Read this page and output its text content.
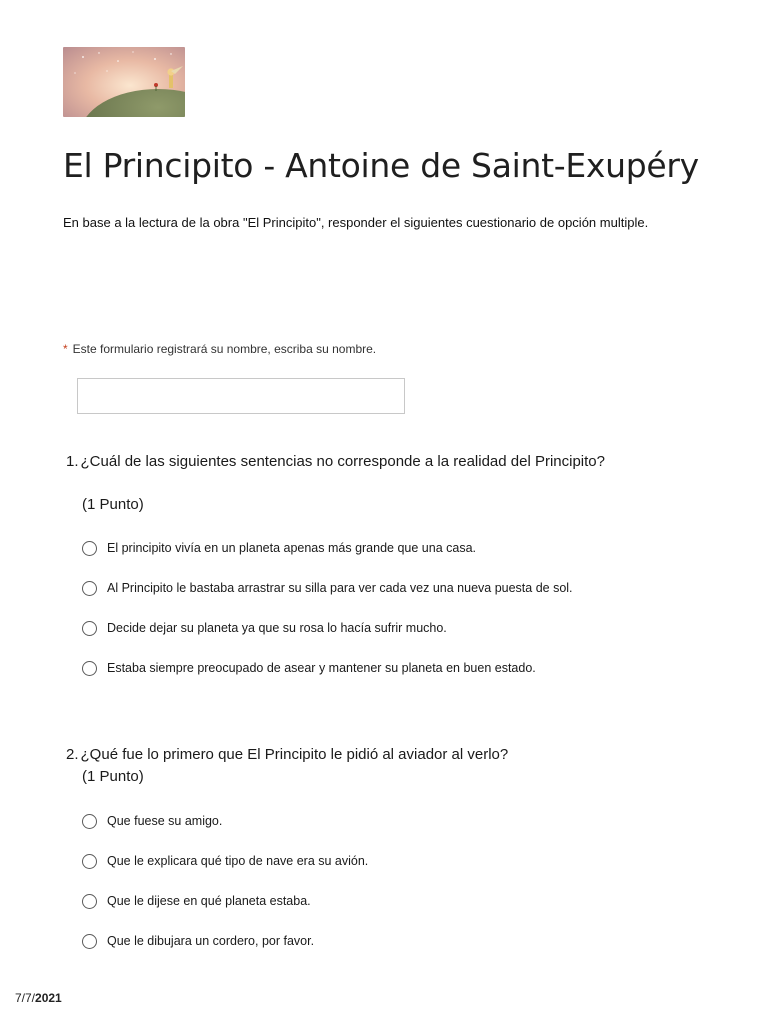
El Principito - Antoine de Saint-Exupéry

En base a la lectura de la obra "El Principito", responder el siguientes cuestionario de opción multiple.

* Este formulario registrará su nombre, escriba su nombre.
1. ¿Cuál de las siguientes sentencias no corresponde a la realidad del Principito?
(1 Punto)
El principito vivía en un planeta apenas más grande que una casa.
Al Principito le bastaba arrastrar su silla para ver cada vez una nueva puesta de sol.
Decide dejar su planeta ya que su rosa lo hacía sufrir mucho.
Estaba siempre preocupado de asear y mantener su planeta en buen estado.
2. ¿Qué fue lo primero que El Principito le pidió al aviador al verlo?
(1 Punto)
Que fuese su amigo.
Que le explicara qué tipo de nave era su avión.
Que le dijese en qué planeta estaba.
Que le dibujara un cordero, por favor.
7/7/2021
